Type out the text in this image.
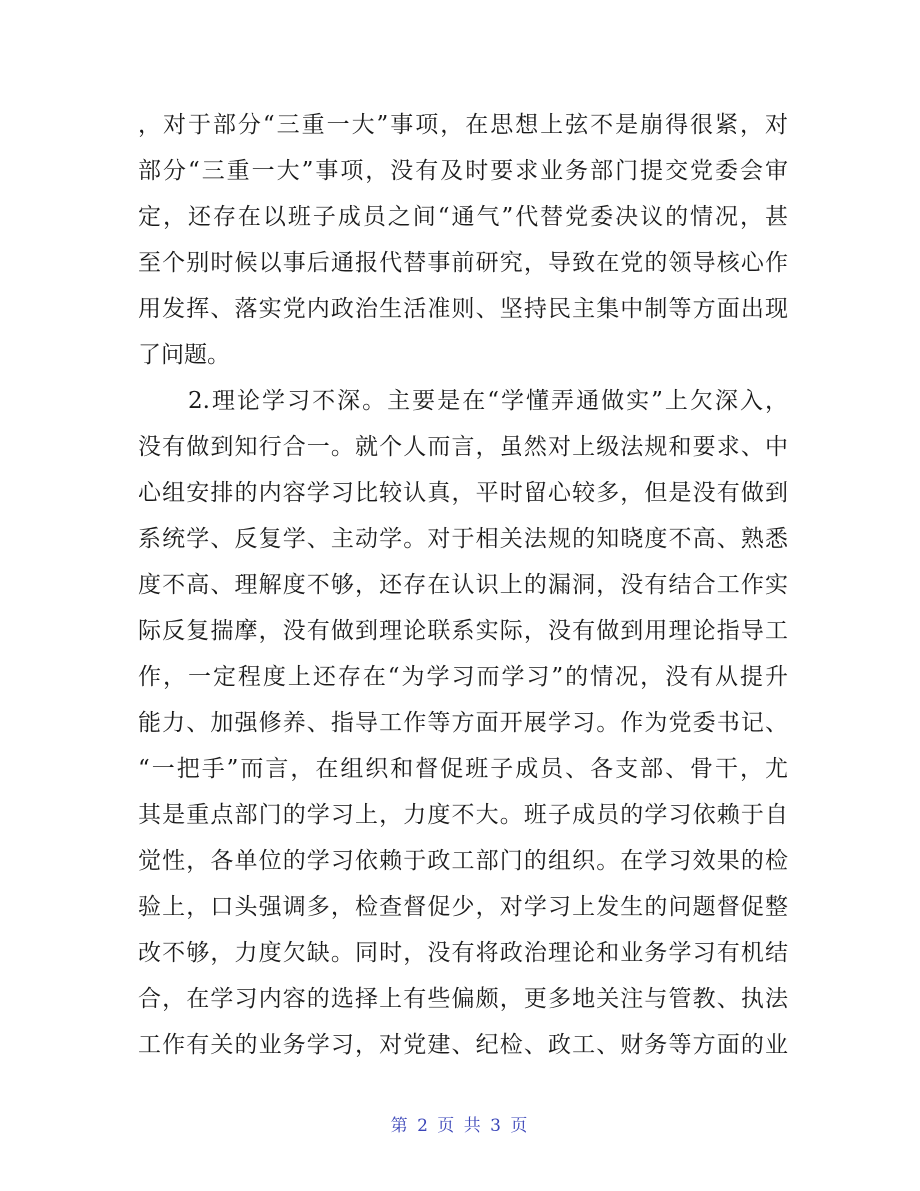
，对于部分“三重一大”事项，在思想上弦不是崩得很紧，对
部分“三重一大”事项，没有及时要求业务部门提交党委会审
定，还存在以班子成员之间“通气”代替党委决议的情况，甚
至个别时候以事后通报代替事前研究，导致在党的领导核心作
用发挥、落实党内政治生活准则、坚持民主集中制等方面出现
了问题。
　　2.理论学习不深。主要是在“学懂弄通做实”上欠深入，
没有做到知行合一。就个人而言，虽然对上级法规和要求、中
心组安排的内容学习比较认真，平时留心较多，但是没有做到
系统学、反复学、主动学。对于相关法规的知晓度不高、熟悉
度不高、理解度不够，还存在认识上的漏洞，没有结合工作实
际反复揣摩，没有做到理论联系实际，没有做到用理论指导工
作，一定程度上还存在“为学习而学习”的情况，没有从提升
能力、加强修养、指导工作等方面开展学习。作为党委书记、
“一把手”而言，在组织和督促班子成员、各支部、骨干，尤
其是重点部门的学习上，力度不大。班子成员的学习依赖于自
觉性，各单位的学习依赖于政工部门的组织。在学习效果的检
验上，口头强调多，检查督促少，对学习上发生的问题督促整
改不够，力度欠缺。同时，没有将政治理论和业务学习有机结
合，在学习内容的选择上有些偏颇，更多地关注与管教、执法
工作有关的业务学习，对党建、纪检、政工、财务等方面的业
第 2 页 共 3 页
